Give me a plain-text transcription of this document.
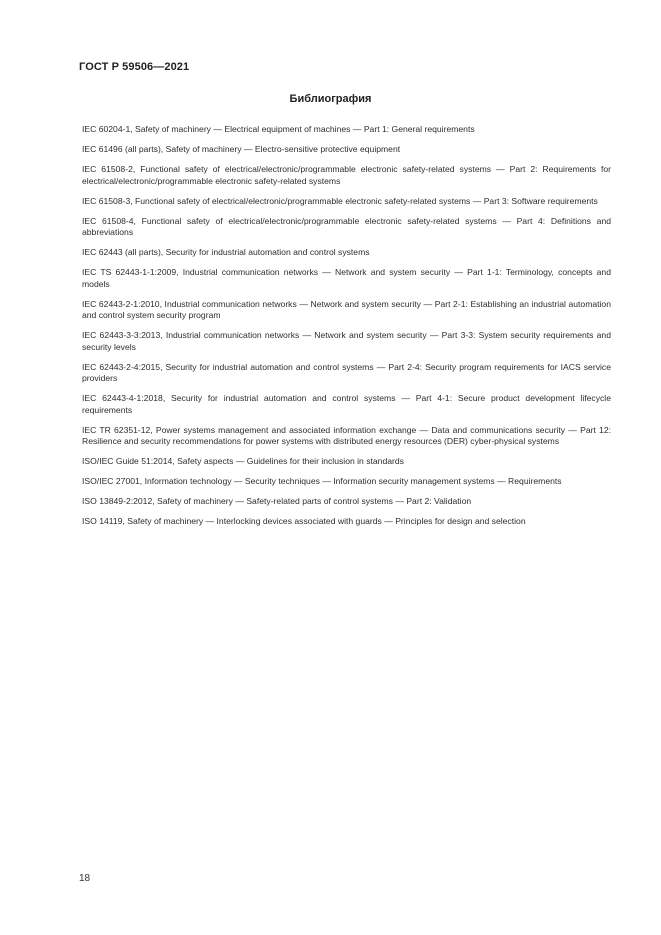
ГОСТ Р 59506—2021
Библиография
IEC 60204-1, Safety of machinery — Electrical equipment of machines — Part 1: General requirements
IEC 61496 (all parts), Safety of machinery — Electro-sensitive protective equipment
IEC 61508-2, Functional safety of electrical/electronic/programmable electronic safety-related systems — Part 2: Requirements for electrical/electronic/programmable electronic safety-related systems
IEC 61508-3, Functional safety of electrical/electronic/programmable electronic safety-related systems — Part 3: Software requirements
IEC 61508-4, Functional safety of electrical/electronic/programmable electronic safety-related systems — Part 4: Definitions and abbreviations
IEC 62443 (all parts), Security for industrial automation and control systems
IEC TS 62443-1-1:2009, Industrial communication networks — Network and system security — Part 1-1: Terminology, concepts and models
IEC 62443-2-1:2010, Industrial communication networks — Network and system security — Part 2-1: Establishing an industrial automation and control system security program
IEC 62443-3-3:2013, Industrial communication networks — Network and system security — Part 3-3: System security requirements and security levels
IEC 62443-2-4:2015, Security for industrial automation and control systems — Part 2-4: Security program requirements for IACS service providers
IEC 62443-4-1:2018, Security for industrial automation and control systems — Part 4-1: Secure product development lifecycle requirements
IEC TR 62351-12, Power systems management and associated information exchange — Data and communications security — Part 12: Resilience and security recommendations for power systems with distributed energy resources (DER) cyber-physical systems
ISO/IEC Guide 51:2014, Safety aspects — Guidelines for their inclusion in standards
ISO/IEC 27001, Information technology — Security techniques — Information security management systems — Requirements
ISO 13849-2:2012, Safety of machinery — Safety-related parts of control systems — Part 2: Validation
ISO 14119, Safety of machinery — Interlocking devices associated with guards — Principles for design and selection
18
